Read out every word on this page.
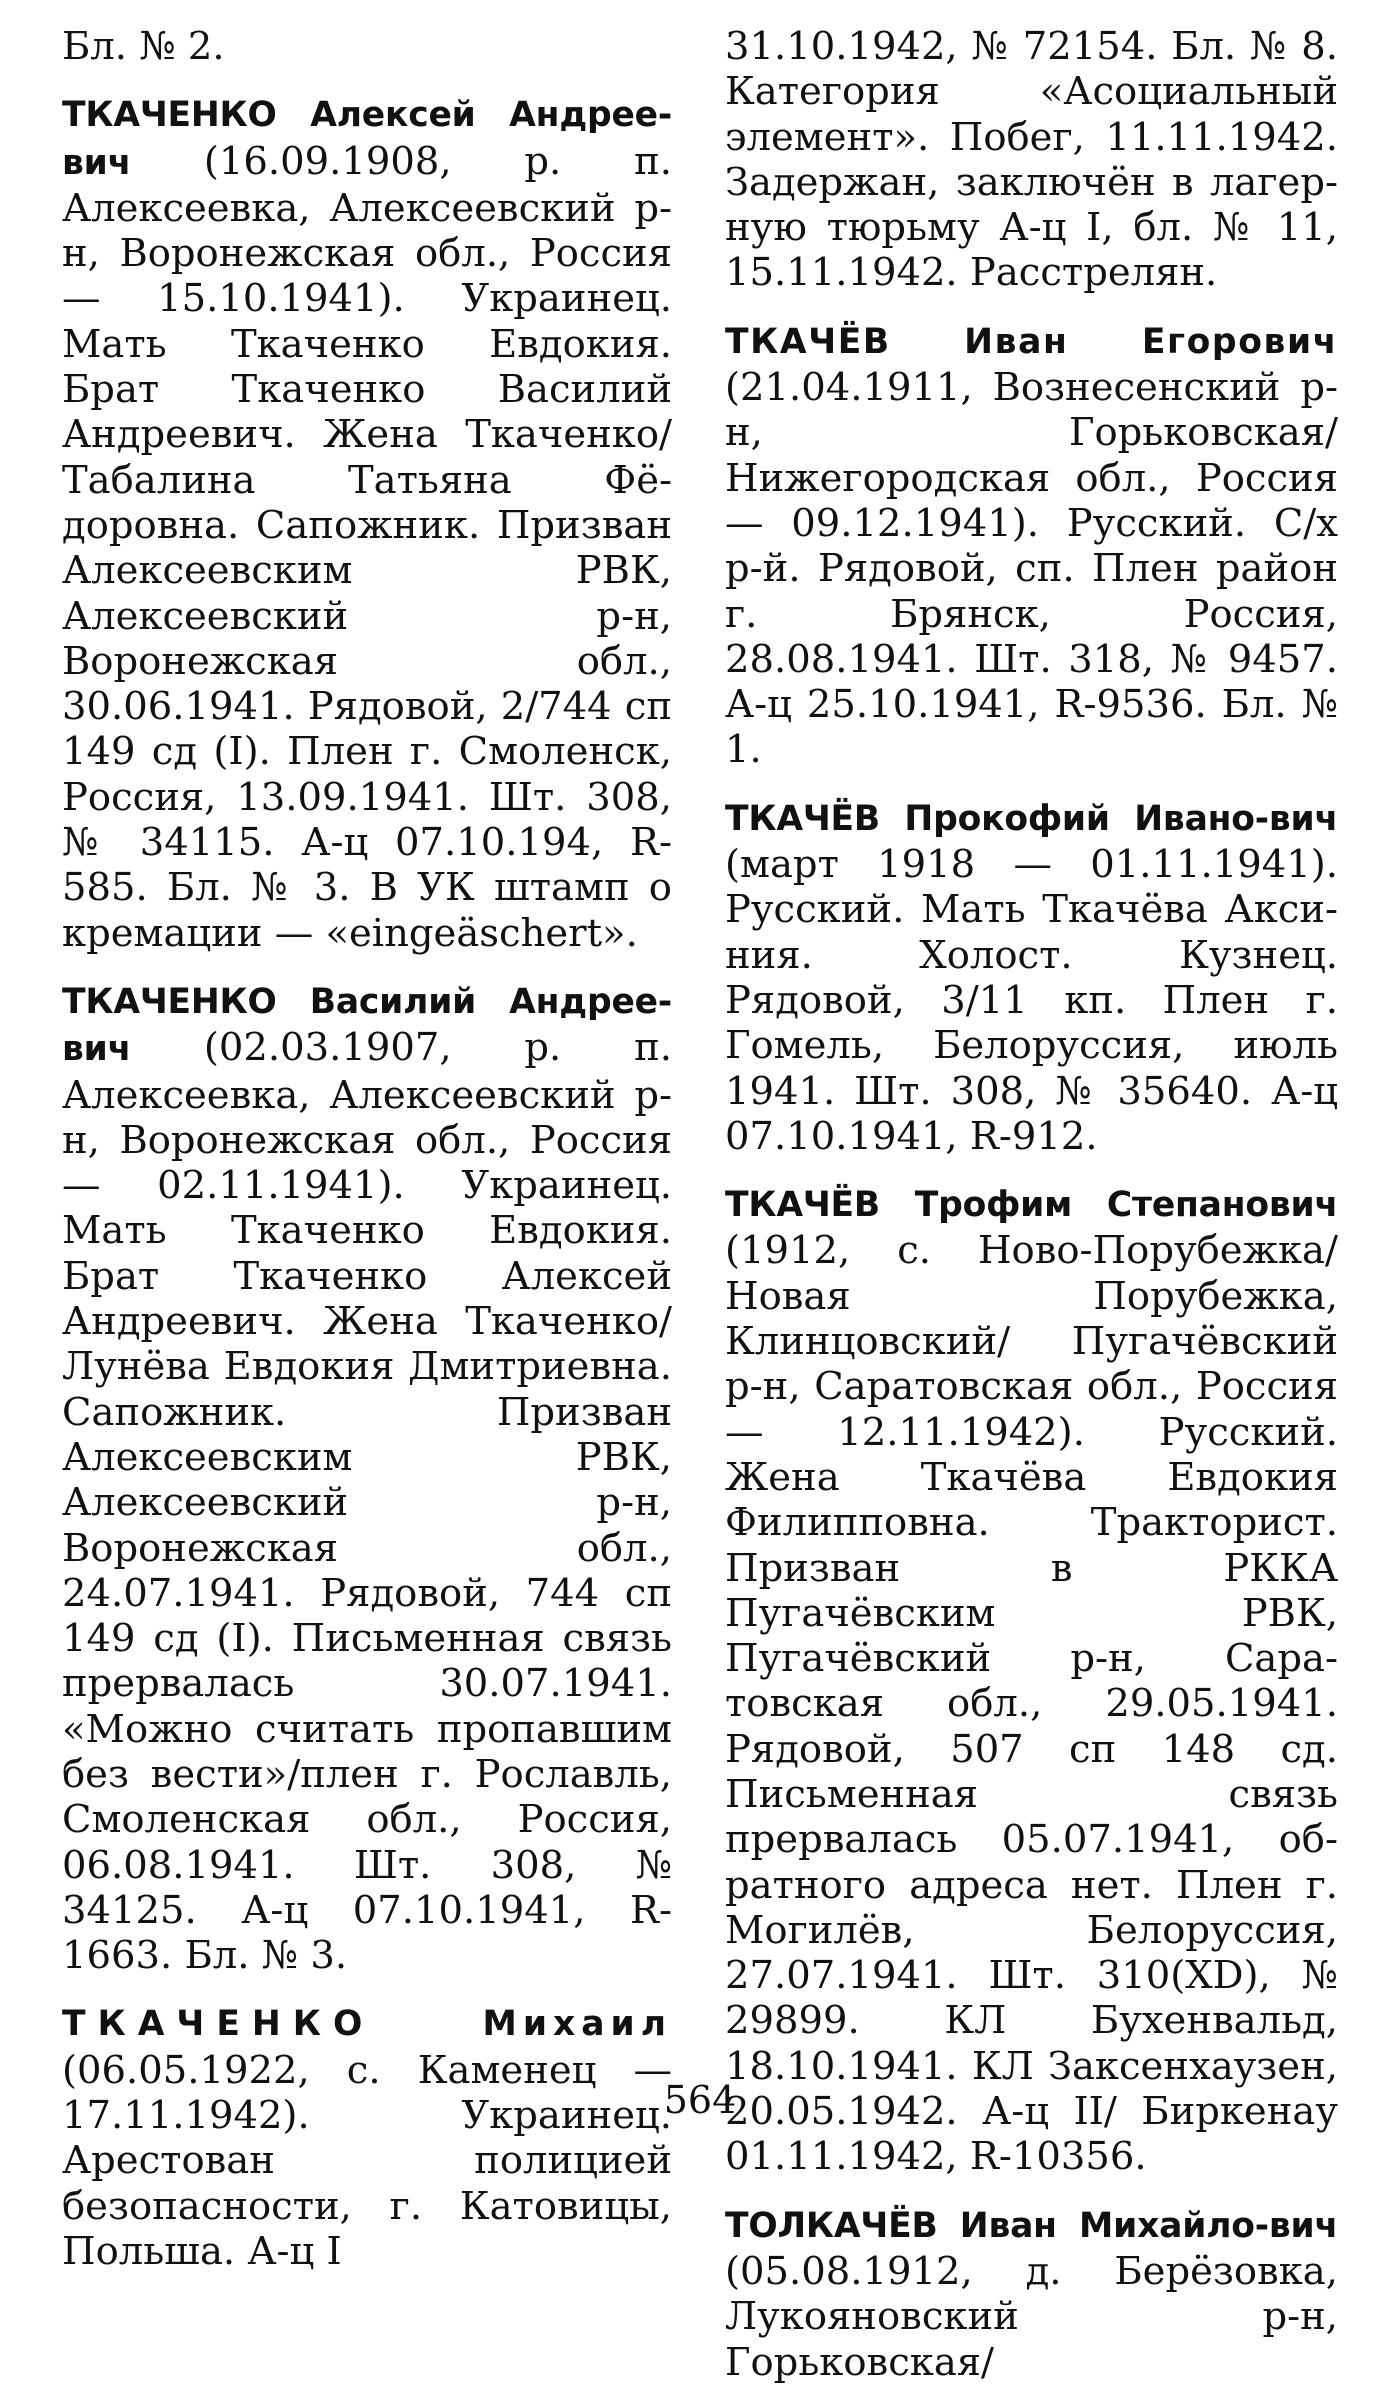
Бл. № 2.

ТКАЧЕНКО Алексей Андрее-вич (16.09.1908, р. п. Алексеевка, Алексеевский р-н, Воронежская обл., Россия — 15.10.1941). Украинец. Мать Ткаченко Евдокия. Брат Ткаченко Василий Андреевич. Жена Ткаченко/Табалина Татьяна Фёдоровна. Сапожник. Призван Алексеевским РВК, Алексеевский р-н, Воронежская обл., 30.06.1941. Рядовой, 2/744 сп 149 сд (I). Плен г. Смоленск, Россия, 13.09.1941. Шт. 308, № 34115. А-ц 07.10.194, R-585. Бл. № 3. В УК штамп о кремации — «eingeäschert».

ТКАЧЕНКО Василий Андрее-вич (02.03.1907, р. п. Алексеевка, Алексеевский р-н, Воронежская обл., Россия — 02.11.1941). Украинец. Мать Ткаченко Евдокия. Брат Ткаченко Алексей Андреевич. Жена Ткаченко/ Лунёва Евдокия Дмитриевна. Сапожник. Призван Алексеевским РВК, Алексеевский р-н, Воронежская обл., 24.07.1941. Рядовой, 744 сп 149 сд (I). Письменная связь прервалась 30.07.1941. «Можно считать пропавшим без вести»/плен г. Рославль, Смоленская обл., Россия, 06.08.1941. Шт. 308, № 34125. А-ц 07.10.1941, R-1663. Бл. № 3.

ТКАЧЕНКО	Михаил

(06.05.1922, с. Каменец — 17.11.1942). Украинец. Арестован полицией безопасности, г. Катовицы, Польша. А-ц I

31.10.1942, № 72154. Бл. № 8. Категория «Асоциальный элемент». Побег, 11.11.1942. Задержан, заключён в лагерную тюрьму А-ц I, бл. № 11, 15.11.1942. Расстрелян.

ТКАЧЁВ Иван Егорович (21.04.1911, Вознесенский р-н, Горьковская/Нижегородская обл., Россия — 09.12.1941). Русский. С/х р-й. Рядовой, сп. Плен район г. Брянск, Россия, 28.08.1941. Шт. 318, № 9457. А-ц 25.10.1941, R-9536. Бл. № 1.

ТКАЧЁВ Прокофий Ивано-вич (март 1918 — 01.11.1941). Русский. Мать Ткачёва Аксиния. Холост. Кузнец. Рядовой, 3/11 кп. Плен г. Гомель, Белоруссия, июль 1941. Шт. 308, № 35640. А-ц 07.10.1941, R-912.

ТКАЧЁВ Трофим Степанович (1912, с. Ново-Порубежка/Новая Порубежка, Клинцовский/ Пугачёвский р-н, Саратовская обл., Россия — 12.11.1942). Русский. Жена Ткачёва Евдокия Филипповна. Тракторист. Призван в РККА Пугачёвским РВК, Пугачёвский р-н, Саратовская обл., 29.05.1941. Рядовой, 507 сп 148 сд. Письменная связь прервалась 05.07.1941, обратного адреса нет. Плен г. Могилёв, Белоруссия, 27.07.1941. Шт. 310(XD), № 29899. КЛ Бухенвальд, 18.10.1941. КЛ Заксенхаузен, 20.05.1942. А-ц II/ Биркенау 01.11.1942, R-10356.

ТОЛКАЧЁВ Иван Михайло-вич (05.08.1912, д. Берёзовка, Лукояновский р-н, Горьковская/

564
